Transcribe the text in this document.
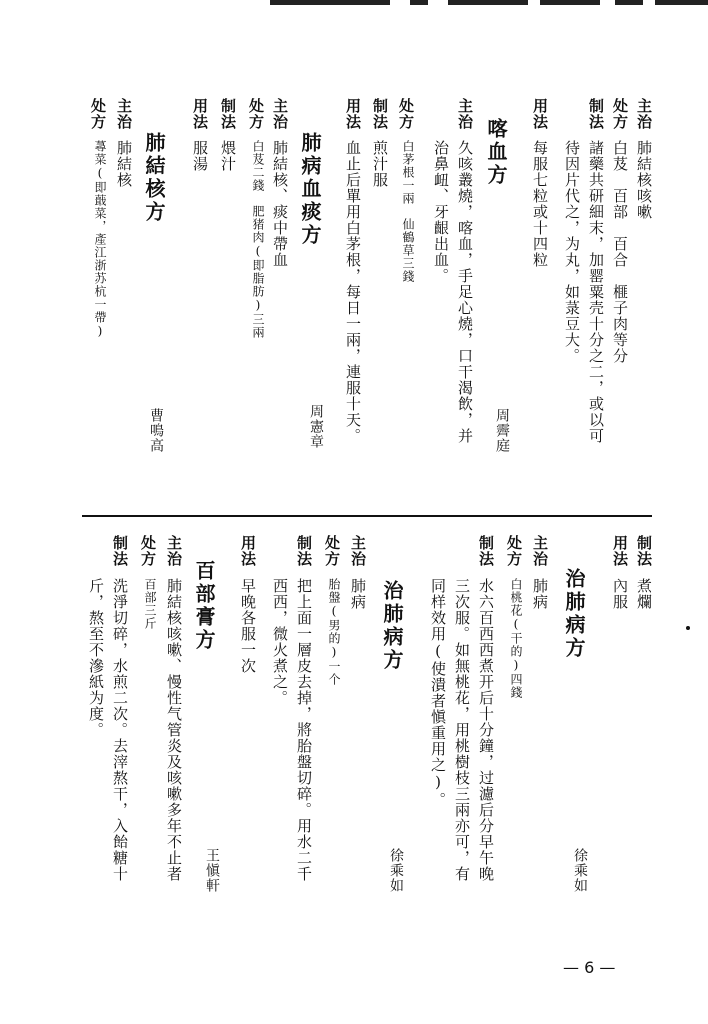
主治
肺結核咳嗽
处方
白芨　百部　百合　榧子肉等分
制法
諸藥共研細末，加罂粟壳十分之二，或以可
待因片代之，为丸，如菉豆大。
用法
每服七粒或十四粒
喀血方
周霽庭
主治
久咳叢燒，喀血，手足心燒，口干渴飲，并
治鼻衄、牙齦出血。
处方
白茅根一兩　仙鶴草三錢
制法
煎汁服
用法
血止后單用白茅根，每日一兩，連服十天。
肺病血痰方
周憲章
主治
肺結核、痰中帶血
处方
白芨二錢　肥猪肉(即脂肪)三兩
制法
煨汁
用法
服湯
肺結核方
曹鳴高
主治
肺結核
处方
蕁菜(即蕺菜，產江浙苏杭一帶)
制法
煮爛
用法
內服
治肺病方
徐乘如
主治
肺病
处方
白桃花(干的)四錢
制法
水六百西西煮开后十分鐘，过濾后分早午晚
三次服。如無桃花，用桃樹枝三兩亦可，有
同样效用(使潰者愼重用之)。
治肺病方
徐乘如
主治
肺病
处方
胎盤(男的)一个
制法
把上面一層皮去掉，將胎盤切碎。用水二千
西西，微火煮之。
用法
早晚各服一次
百部膏方
王愼軒
主治
肺結核咳嗽、慢性气管炎及咳嗽多年不止者
处方
百部三斤
制法
洗淨切碎，水煎二次。去滓熬干，入飴糖十
斤，熬至不滲紙为度。
— 6 —
